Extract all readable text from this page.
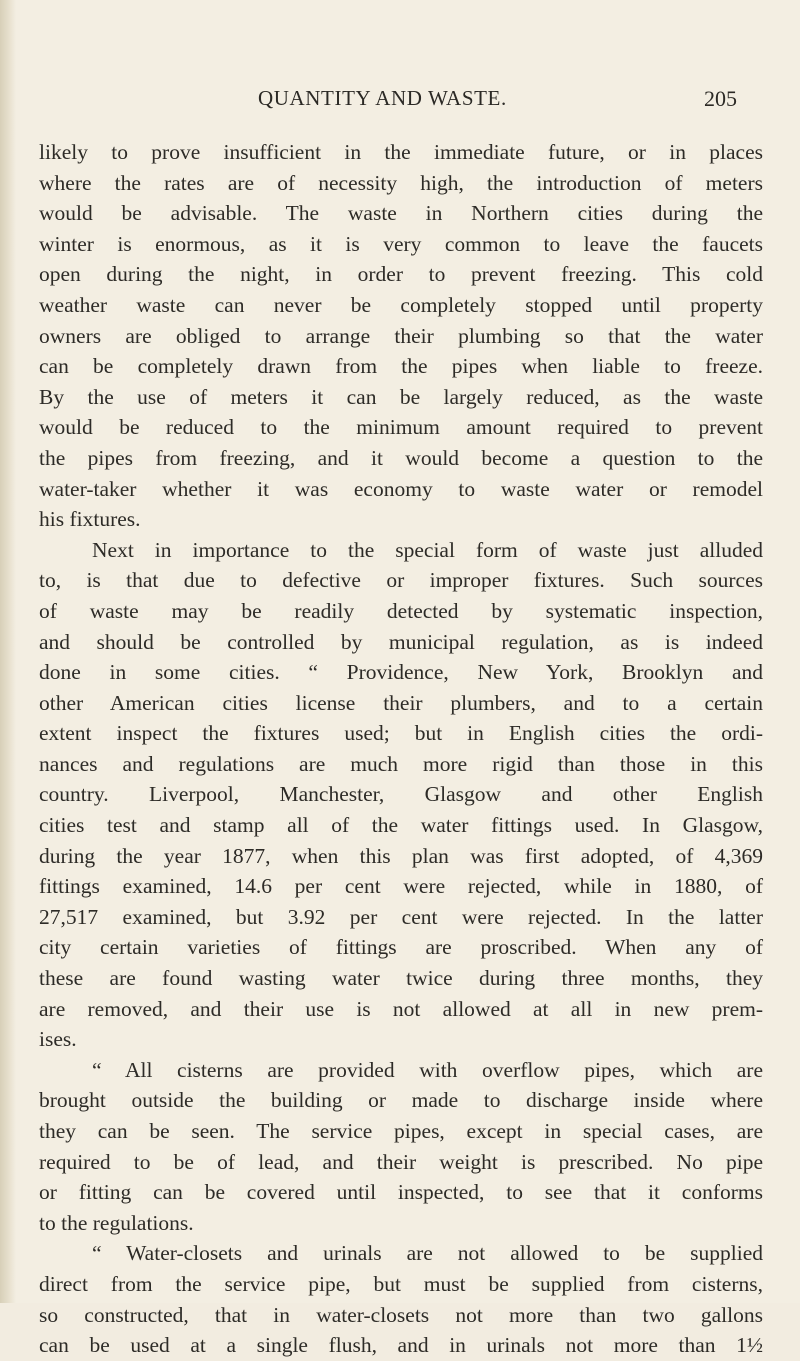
QUANTITY AND WASTE.	205
likely to prove insufficient in the immediate future, or in places
where the rates are of necessity high, the introduction of meters
would be advisable. The waste in Northern cities during the
winter is enormous, as it is very common to leave the faucets
open during the night, in order to prevent freezing. This cold
weather waste can never be completely stopped until property
owners are obliged to arrange their plumbing so that the water
can be completely drawn from the pipes when liable to freeze.
By the use of meters it can be largely reduced, as the waste
would be reduced to the minimum amount required to prevent
the pipes from freezing, and it would become a question to the
water-taker whether it was economy to waste water or remodel
his fixtures.
Next in importance to the special form of waste just alluded
to, is that due to defective or improper fixtures. Such sources
of waste may be readily detected by systematic inspection,
and should be controlled by municipal regulation, as is indeed
done in some cities. “ Providence, New York, Brooklyn and
other American cities license their plumbers, and to a certain
extent inspect the fixtures used; but in English cities the ordi-
nances and regulations are much more rigid than those in this
country. Liverpool, Manchester, Glasgow and other English
cities test and stamp all of the water fittings used. In Glasgow,
during the year 1877, when this plan was first adopted, of 4,369
fittings examined, 14.6 per cent were rejected, while in 1880, of
27,517 examined, but 3.92 per cent were rejected. In the latter
city certain varieties of fittings are proscribed. When any of
these are found wasting water twice during three months, they
are removed, and their use is not allowed at all in new prem-
ises.
“ All cisterns are provided with overflow pipes, which are
brought outside the building or made to discharge inside where
they can be seen. The service pipes, except in special cases, are
required to be of lead, and their weight is prescribed. No pipe
or fitting can be covered until inspected, to see that it conforms
to the regulations.
“ Water-closets and urinals are not allowed to be supplied
direct from the service pipe, but must be supplied from cisterns,
so constructed, that in water-closets not more than two gallons
can be used at a single flush, and in urinals not more than 1½
